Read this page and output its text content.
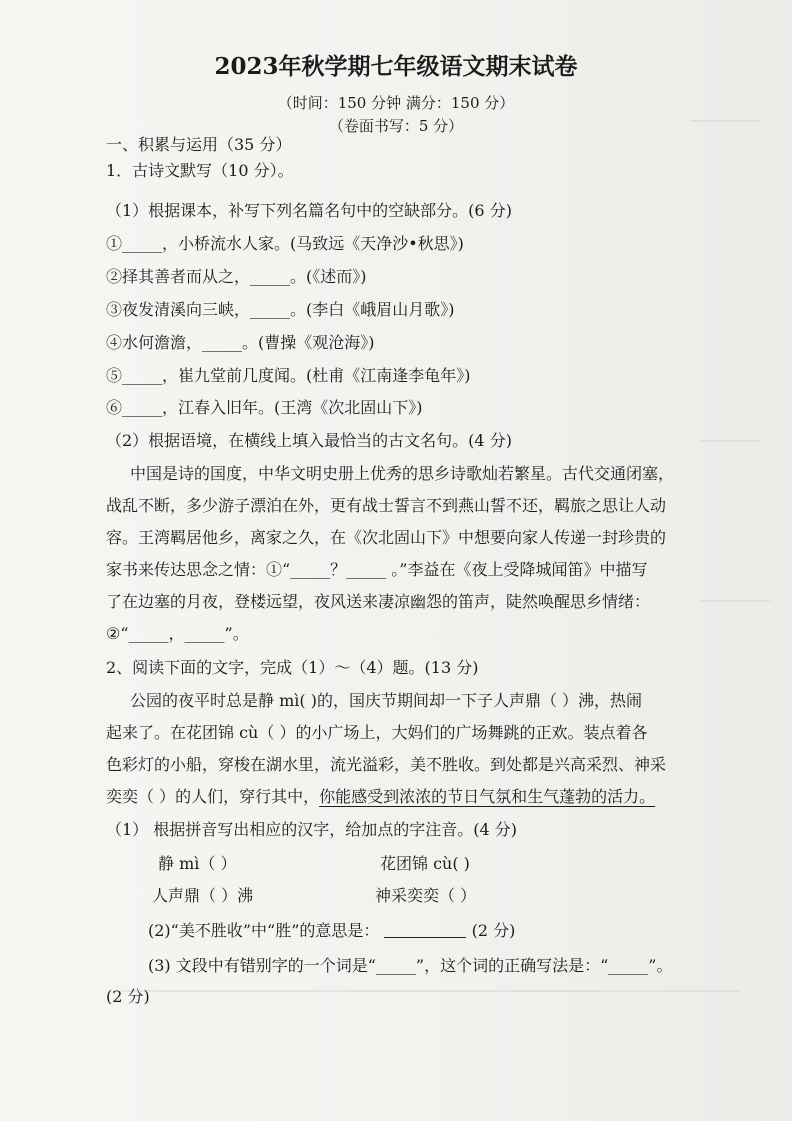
2023年秋学期七年级语文期末试卷
（时间：150 分钟 满分：150 分）
（卷面书写：5 分）
一、积累与运用（35 分）
1．古诗文默写（10 分）。
（1）根据课本，补写下列名篇名句中的空缺部分。(6 分)
①_____，小桥流水人家。(马致远《天净沙•秋思》)
②择其善者而从之，_____。(《述而》)
③夜发清溪向三峡，_____。(李白《峨眉山月歌》)
④水何澹澹，_____。(曹操《观沧海》)
⑤_____，崔九堂前几度闻。(杜甫《江南逢李龟年》)
⑥_____，江春入旧年。(王湾《次北固山下》)
（2）根据语境，在横线上填入最恰当的古文名句。(4 分)
中国是诗的国度，中华文明史册上优秀的思乡诗歌灿若繁星。古代交通闭塞，
战乱不断，多少游子漂泊在外，更有战士誓言不到燕山誓不还，羁旅之思让人动
容。王湾羁居他乡，离家之久，在《次北固山下》中想要向家人传递一封珍贵的
家书来传达思念之情：①“_____？_____ 。”李益在《夜上受降城闻笛》中描写
了在边塞的月夜，登楼远望，夜风送来凄凉幽怨的笛声，陡然唤醒思乡情绪：
②“_____，_____”。
2、阅读下面的文字，完成（1）～（4）题。(13 分)
公园的夜平时总是静 mì( )的，国庆节期间却一下子人声鼎（ ）沸，热闹
起来了。在花团锦 cù（ ）的小广场上，大妈们的广场舞跳的正欢。装点着各
色彩灯的小船，穿梭在湖水里，流光溢彩，美不胜收。到处都是兴高采烈、神采
奕奕（ ）的人们，穿行其中，你能感受到浓浓的节日气氛和生气蓬勃的活力。
（1） 根据拼音写出相应的汉字，给加点的字注音。(4 分)
静 mì（ ）	花团锦 cù( )
人声鼎（ ）沸	神采奕奕（ ）
(2)“美不胜收”中“胜”的意思是：	(2 分)
(3) 文段中有错别字的一个词是“_____”，这个词的正确写法是：“_____”。
(2 分)
